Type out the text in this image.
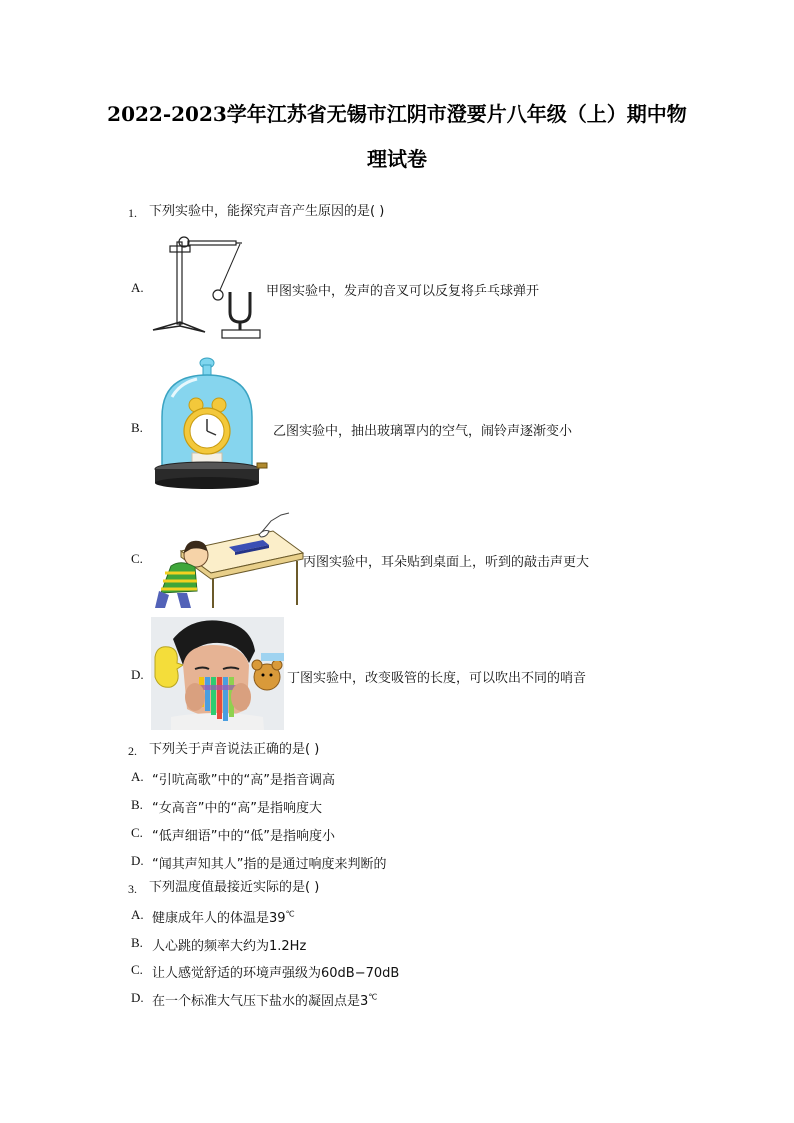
2022-2023学年江苏省无锡市江阴市澄要片八年级（上）期中物
理试卷
1. 下列实验中，能探究声音产生原因的是( )
A.	甲图实验中，发声的音叉可以反复将乒乓球弹开
B.	乙图实验中，抽出玻璃罩内的空气，闹铃声逐渐变小
C.	丙图实验中，耳朵贴到桌面上，听到的敲击声更大
D.	丁图实验中，改变吸管的长度，可以吹出不同的哨音
2. 下列关于声音说法正确的是( )
A. “引吭高歌”中的“高”是指音调高
B. “女高音”中的“高”是指响度大
C. “低声细语”中的“低”是指响度小
D. “闻其声知其人”指的是通过响度来判断的
3. 下列温度值最接近实际的是( )
A. 健康成年人的体温是39℃
B. 人心跳的频率大约为1.2Hz
C. 让人感觉舒适的环境声强级为60dB−70dB
D. 在一个标准大气压下盐水的凝固点是3℃
